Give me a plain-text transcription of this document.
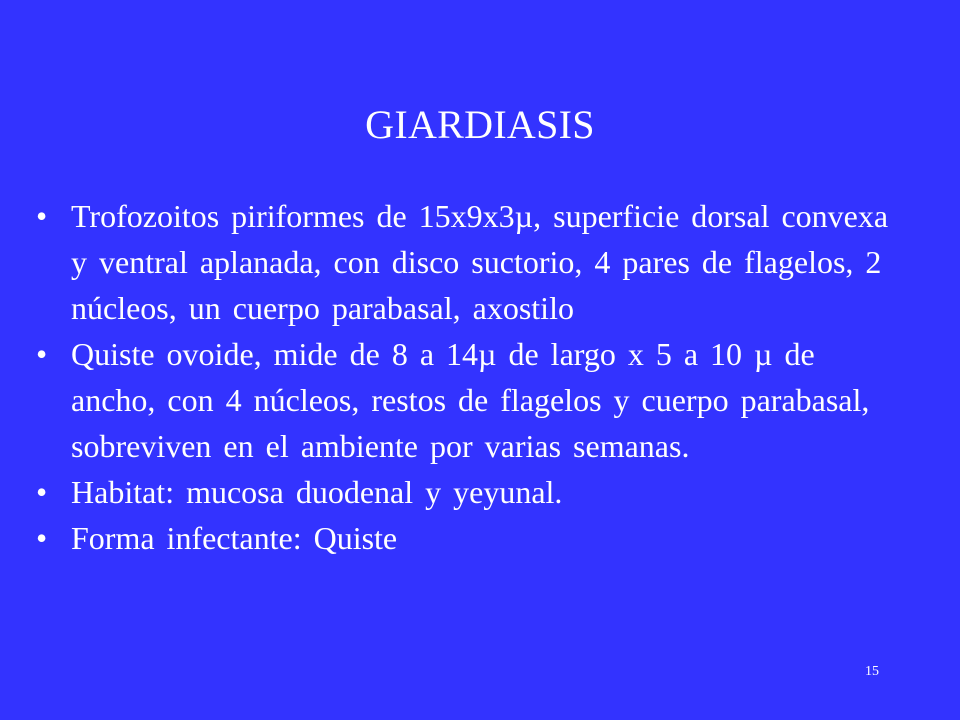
GIARDIASIS
• Trofozoitos piriformes de 15x9x3µ, superficie dorsal convexa y ventral aplanada, con disco suctorio, 4 pares de flagelos, 2 núcleos, un cuerpo parabasal, axostilo
• Quiste ovoide, mide de 8 a 14µ de largo x 5 a 10 µ de ancho, con 4 núcleos, restos de flagelos y cuerpo parabasal, sobreviven en el ambiente por varias semanas.
• Habitat: mucosa duodenal y yeyunal.
• Forma infectante: Quiste
15
